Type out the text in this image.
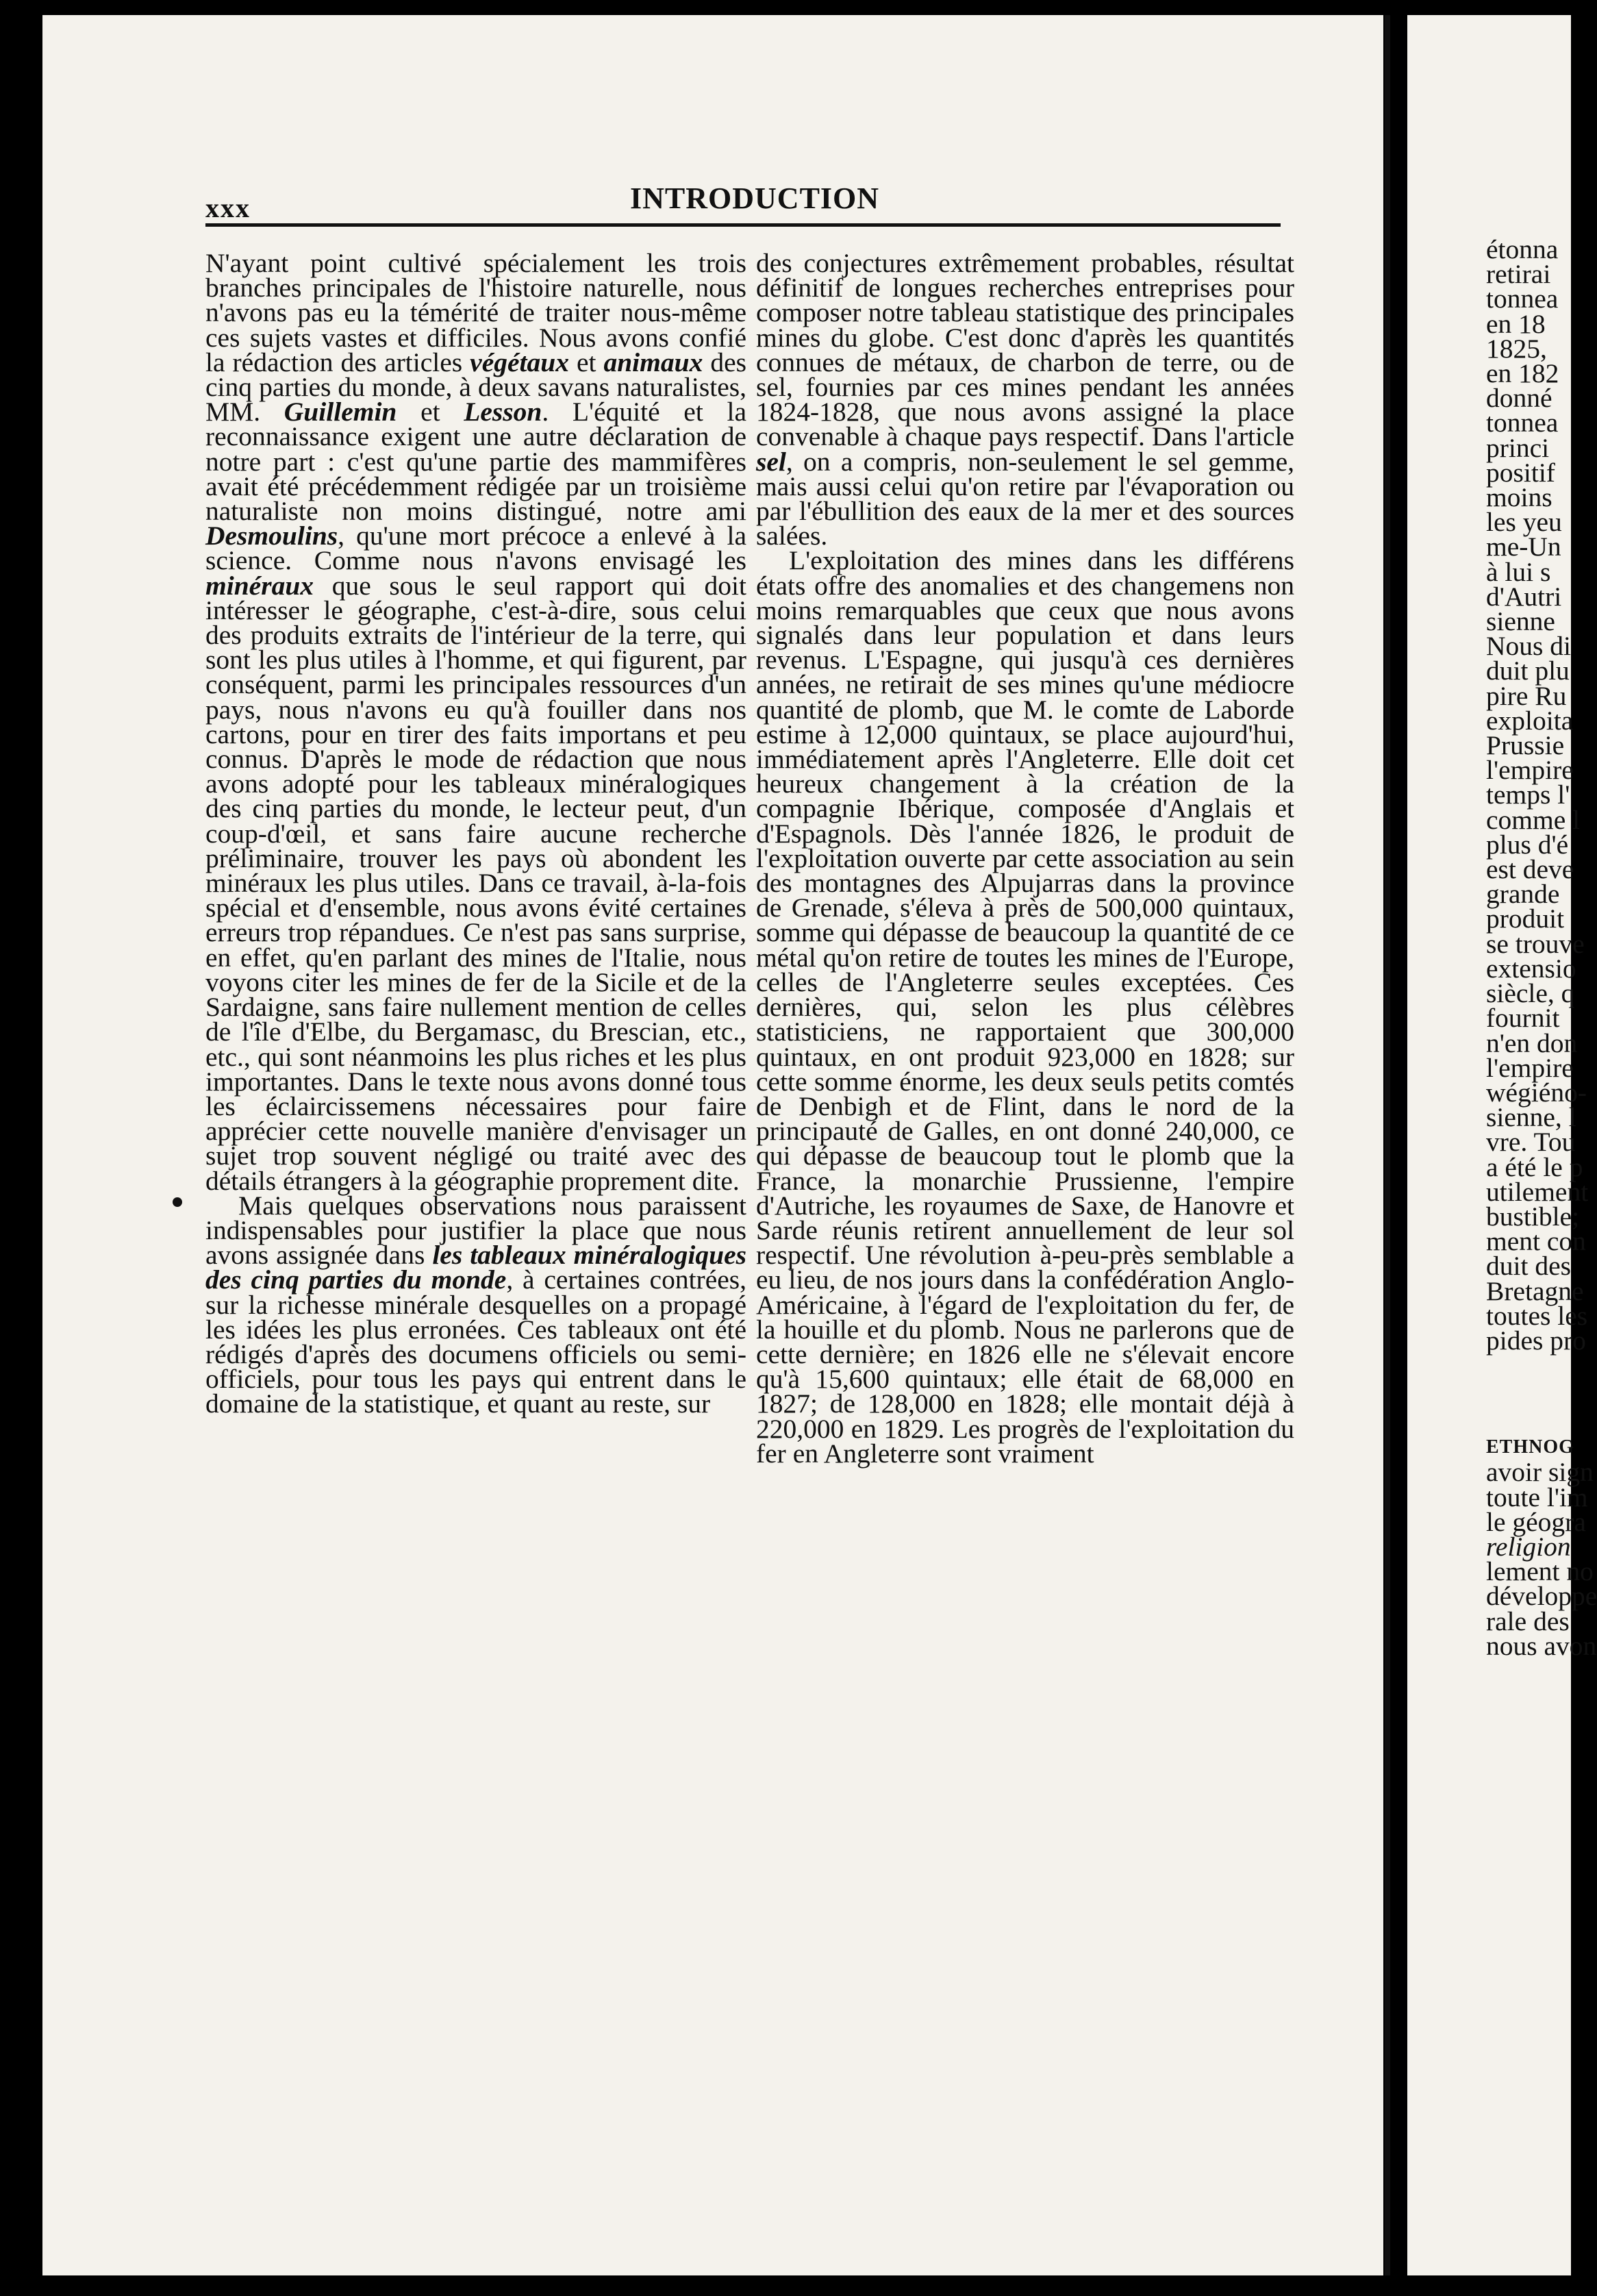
xxx	INTRODUCTION

N'ayant point cultivé spécialement les trois branches principales de l'histoire naturelle, nous n'avons pas eu la témérité de traiter nous-même ces sujets vastes et difficiles. Nous avons confié la rédaction des articles végétaux et animaux des cinq parties du monde, à deux savans naturalistes, MM. Guillemin et Lesson. L'équité et la reconnaissance exigent une autre déclaration de notre part : c'est qu'une partie des mammifères avait été précédemment rédigée par un troisième naturaliste non moins distingué, notre ami Desmoulins, qu'une mort précoce a enlevé à la science. Comme nous n'avons envisagé les minéraux que sous le seul rapport qui doit intéresser le géographe, c'est-à-dire, sous celui des produits extraits de l'intérieur de la terre, qui sont les plus utiles à l'homme, et qui figurent, par conséquent, parmi les principales ressources d'un pays, nous n'avons eu qu'à fouiller dans nos cartons, pour en tirer des faits importans et peu connus. D'après le mode de rédaction que nous avons adopté pour les tableaux minéralogiques des cinq parties du monde, le lecteur peut, d'un coup-d'œil, et sans faire aucune recherche préliminaire, trouver les pays où abondent les minéraux les plus utiles. Dans ce travail, à-la-fois spécial et d'ensemble, nous avons évité certaines erreurs trop répandues. Ce n'est pas sans surprise, en effet, qu'en parlant des mines de l'Italie, nous voyons citer les mines de fer de la Sicile et de la Sardaigne, sans faire nullement mention de celles de l'île d'Elbe, du Bergamasc, du Brescian, etc., etc., qui sont néanmoins les plus riches et les plus importantes. Dans le texte nous avons donné tous les éclaircissemens nécessaires pour faire apprécier cette nouvelle manière d'envisager un sujet trop souvent négligé ou traité avec des détails étrangers à la géographie proprement dite.

Mais quelques observations nous paraissent indispensables pour justifier la place que nous avons assignée dans les tableaux minéralogiques des cinq parties du monde, à certaines contrées, sur la richesse minérale desquelles on a propagé les idées les plus erronées. Ces tableaux ont été rédigés d'après des documens officiels ou semi-officiels, pour tous les pays qui entrent dans le domaine de la statistique, et quant au reste, sur

des conjectures extrêmement probables, résultat définitif de longues recherches entreprises pour composer notre tableau statistique des principales mines du globe. C'est donc d'après les quantités connues de métaux, de charbon de terre, ou de sel, fournies par ces mines pendant les années 1824-1828, que nous avons assigné la place convenable à chaque pays respectif. Dans l'article sel, on a compris, non-seulement le sel gemme, mais aussi celui qu'on retire par l'évaporation ou par l'ébullition des eaux de la mer et des sources salées.

L'exploitation des mines dans les différens états offre des anomalies et des changemens non moins remarquables que ceux que nous avons signalés dans leur population et dans leurs revenus. L'Espagne, qui jusqu'à ces dernières années, ne retirait de ses mines qu'une médiocre quantité de plomb, que M. le comte de Laborde estime à 12,000 quintaux, se place aujourd'hui, immédiatement après l'Angleterre. Elle doit cet heureux changement à la création de la compagnie Ibérique, composée d'Anglais et d'Espagnols. Dès l'année 1826, le produit de l'exploitation ouverte par cette association au sein des montagnes des Alpujarras dans la province de Grenade, s'éleva à près de 500,000 quintaux, somme qui dépasse de beaucoup la quantité de ce métal qu'on retire de toutes les mines de l'Europe, celles de l'Angleterre seules exceptées. Ces dernières, qui, selon les plus célèbres statisticiens, ne rapportaient que 300,000 quintaux, en ont produit 923,000 en 1828; sur cette somme énorme, les deux seuls petits comtés de Denbigh et de Flint, dans le nord de la principauté de Galles, en ont donné 240,000, ce qui dépasse de beaucoup tout le plomb que la France, la monarchie Prussienne, l'empire d'Autriche, les royaumes de Saxe, de Hanovre et Sarde réunis retirent annuellement de leur sol respectif. Une révolution à-peu-près semblable a eu lieu, de nos jours dans la confédération Anglo-Américaine, à l'égard de l'exploitation du fer, de la houille et du plomb. Nous ne parlerons que de cette dernière; en 1826 elle ne s'élevait encore qu'à 15,600 quintaux; elle était de 68,000 en 1827; de 128,000 en 1828; elle montait déjà à 220,000 en 1829. Les progrès de l'exploitation du fer en Angleterre sont vraiment

étonna
retirai
tonnea
en 18
1825,
en 182
donné
tonnea
princi
positif
moins
les yeu
me-Un
à lui s
d'Autri
sienne
Nous di
duit plu
pire Ru
exploita
Prussie
l'empire
temps l'
comme l
plus d'é
est deve
grande
produit
se trouve
extensio
siècle, q
fournit
n'en don
l'empire
wégiéno-
sienne, l
vre. Tou
a été le p
utilement
bustible;
ment con
duit des
Bretagne
toutes les
pides pro
ETHNOG
avoir sign
toute l'im
le géogra
religion
lement no
développe
rale des
nous avon
